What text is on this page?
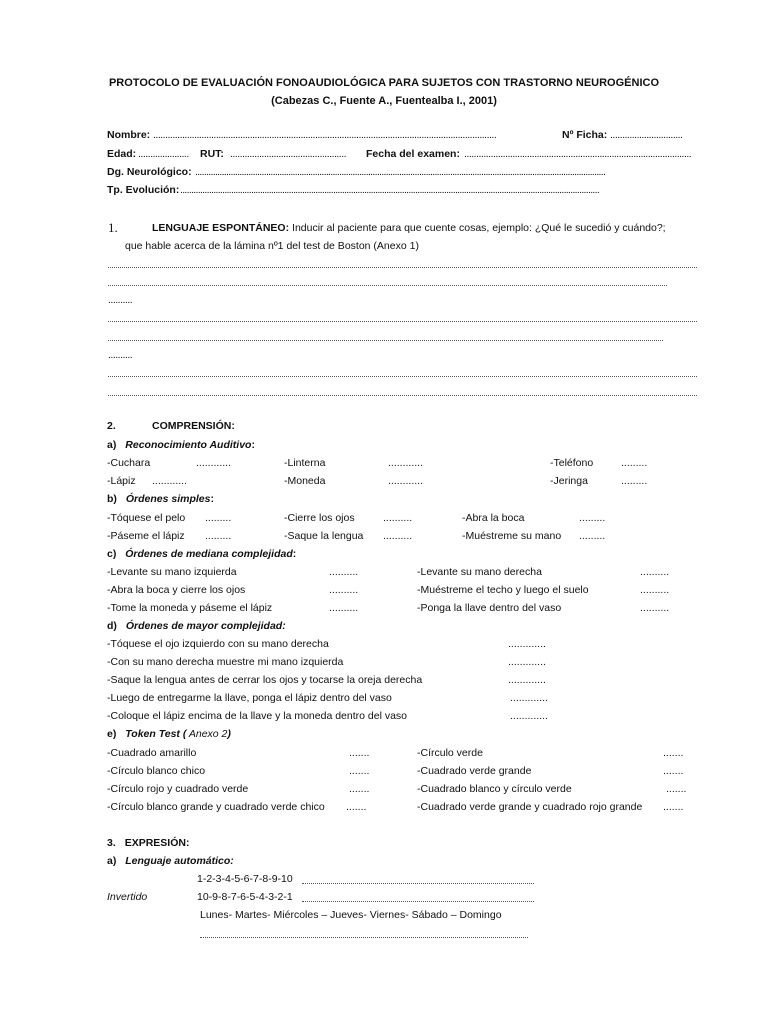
PROTOCOLO DE EVALUACIÓN FONOAUDIOLÓGICA PARA SUJETOS CON TRASTORNO NEUROGÉNICO
(Cabezas C., Fuente A., Fuentealba I., 2001)
Nombre: ..............................................................................................................................................	Nº Ficha: ..............................
Edad: ..................... RUT: ................................................ Fecha del examen: ..............................................................................................
Dg. Neurológico: .........................................................................................................................................................................................
Tp. Evolución: .............................................................................................................................................................................................
1.	LENGUAJE ESPONTÁNEO: Inducir al paciente para que cuente cosas, ejemplo: ¿Qué le sucedió y cuándo?;
que hable acerca de la lámina nº1 del test de Boston (Anexo 1)
..........
..........
2.	COMPRENSIÓN:
a) Reconocimiento Auditivo:
-Cuchara	............	-Linterna	............	-Teléfono	.........
-Lápiz ............	-Moneda	............	-Jeringa	.........
b) Órdenes simples:
-Tóquese el pelo .........	-Cierre los ojos	..........	-Abra la boca	.........
-Páseme el lápiz .........	-Saque la lengua ..........	-Muéstreme su mano .........
c) Órdenes de mediana complejidad:
-Levante su mano izquierda	..........	-Levante su mano derecha	..........
-Abra la boca y cierre los ojos	..........	-Muéstreme el techo y luego el suelo	..........
-Tome la moneda y páseme el lápiz	..........	-Ponga la llave dentro del vaso	..........
d) Órdenes de mayor complejidad:
-Tóquese el ojo izquierdo con su mano derecha	.............
-Con su mano derecha muestre mi mano izquierda	.............
-Saque la lengua antes de cerrar los ojos y tocarse la oreja derecha	.............
-Luego de entregarme la llave, ponga el lápiz dentro del vaso	.............
-Coloque el lápiz encima de la llave y la moneda dentro del vaso	.............
e) Token Test ( Anexo 2)
-Cuadrado amarillo	.......	-Círculo verde	.......
-Círculo blanco chico	.......	-Cuadrado verde grande	.......
-Círculo rojo y cuadrado verde	.......	-Cuadrado blanco y círculo verde	.......
-Círculo blanco grande y cuadrado verde chico .......	-Cuadrado verde grande y cuadrado rojo grande .......
3. EXPRESIÓN:
a) Lenguaje automático:
1-2-3-4-5-6-7-8-9-10
Invertido	10-9-8-7-6-5-4-3-2-1
Lunes- Martes- Miércoles – Jueves- Viernes- Sábado – Domingo
